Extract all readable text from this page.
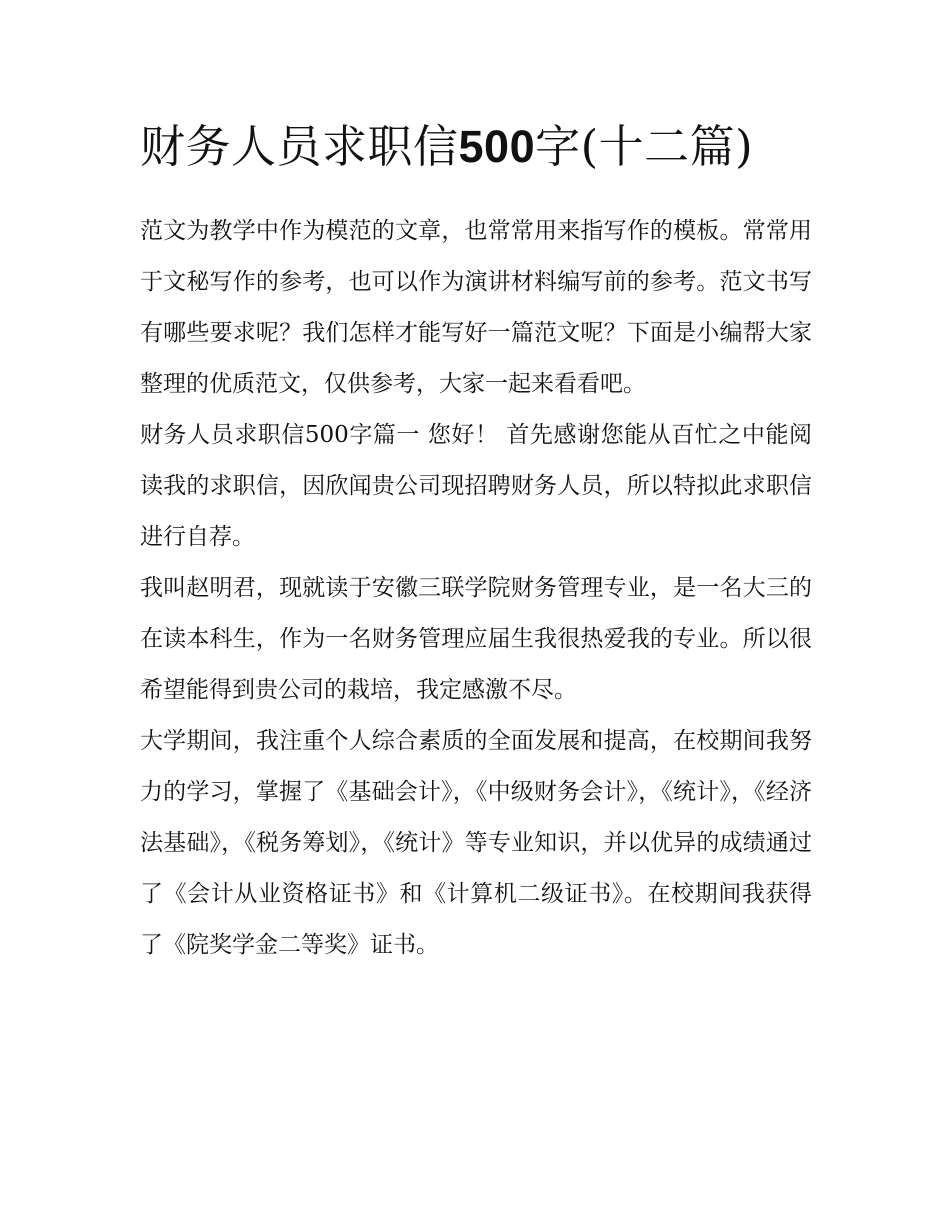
财务人员求职信500字(十二篇)

范文为教学中作为模范的文章，也常常用来指写作的模板。常常用于文秘写作的参考，也可以作为演讲材料编写前的参考。范文书写有哪些要求呢？我们怎样才能写好一篇范文呢？下面是小编帮大家整理的优质范文，仅供参考，大家一起来看看吧。

财务人员求职信500字篇一 您好！ 首先感谢您能从百忙之中能阅读我的求职信，因欣闻贵公司现招聘财务人员，所以特拟此求职信进行自荐。

我叫赵明君，现就读于安徽三联学院财务管理专业，是一名大三的在读本科生，作为一名财务管理应届生我很热爱我的专业。所以很希望能得到贵公司的栽培，我定感激不尽。

大学期间，我注重个人综合素质的全面发展和提高，在校期间我努力的学习，掌握了《基础会计》，《中级财务会计》，《统计》，《经济法基础》，《税务筹划》，《统计》等专业知识，并以优异的成绩通过了《会计从业资格证书》和《计算机二级证书》。在校期间我获得了《院奖学金二等奖》证书。
